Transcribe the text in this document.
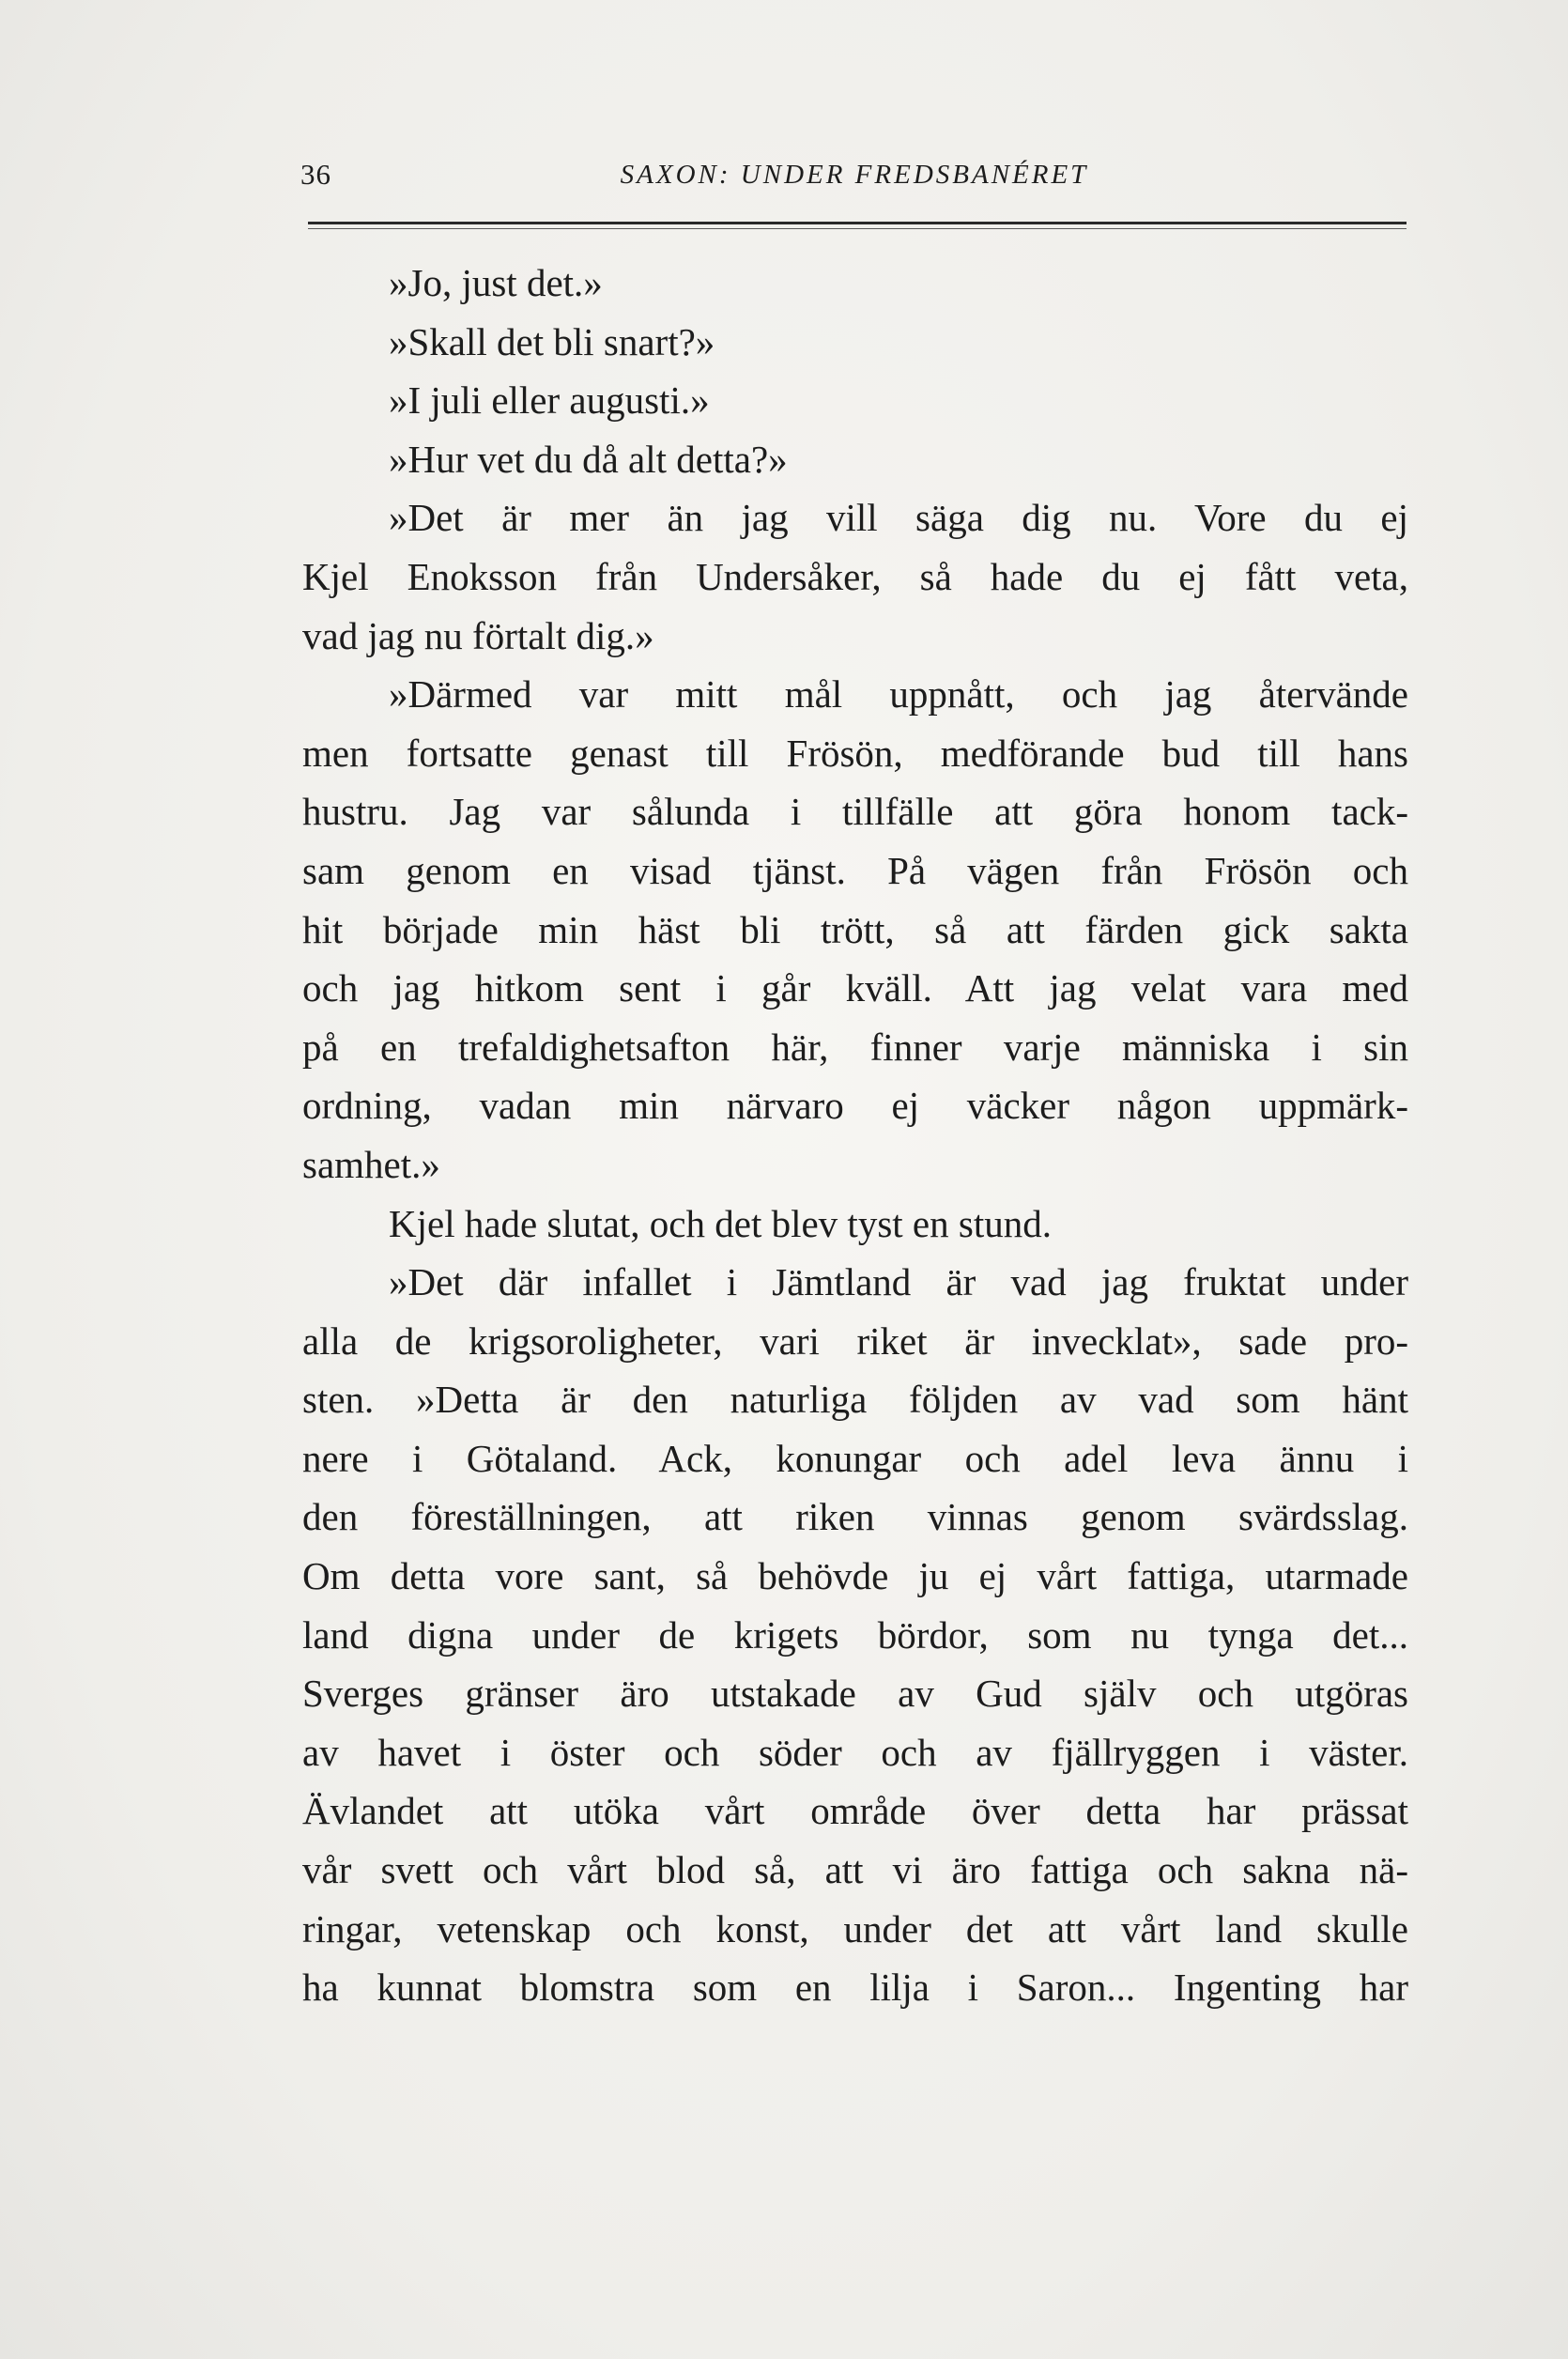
36	SAXON: UNDER FREDSBANÉRET
»Jo, just det.»
»Skall det bli snart?»
»I juli eller augusti.»
»Hur vet du då alt detta?»
»Det är mer än jag vill säga dig nu. Vore du ej
Kjel Enoksson från Undersåker, så hade du ej fått veta,
vad jag nu förtalt dig.»
»Därmed var mitt mål uppnått, och jag återvände
men fortsatte genast till Frösön, medförande bud till hans
hustru. Jag var sålunda i tillfälle att göra honom tack-
sam genom en visad tjänst. På vägen från Frösön och
hit började min häst bli trött, så att färden gick sakta
och jag hitkom sent i går kväll. Att jag velat vara med
på en trefaldighetsafton här, finner varje människa i sin
ordning, vadan min närvaro ej väcker någon uppmärk-
samhet.»
Kjel hade slutat, och det blev tyst en stund.
»Det där infallet i Jämtland är vad jag fruktat under
alla de krigsoroligheter, vari riket är invecklat», sade pro-
sten. »Detta är den naturliga följden av vad som hänt
nere i Götaland. Ack, konungar och adel leva ännu i
den föreställningen, att riken vinnas genom svärdsslag.
Om detta vore sant, så behövde ju ej vårt fattiga, utarmade
land digna under de krigets bördor, som nu tynga det...
Sverges gränser äro utstakade av Gud själv och utgöras
av havet i öster och söder och av fjällryggen i väster.
Ävlandet att utöka vårt område över detta har prässat
vår svett och vårt blod så, att vi äro fattiga och sakna nä-
ringar, vetenskap och konst, under det att vårt land skulle
ha kunnat blomstra som en lilja i Saron... Ingenting har
